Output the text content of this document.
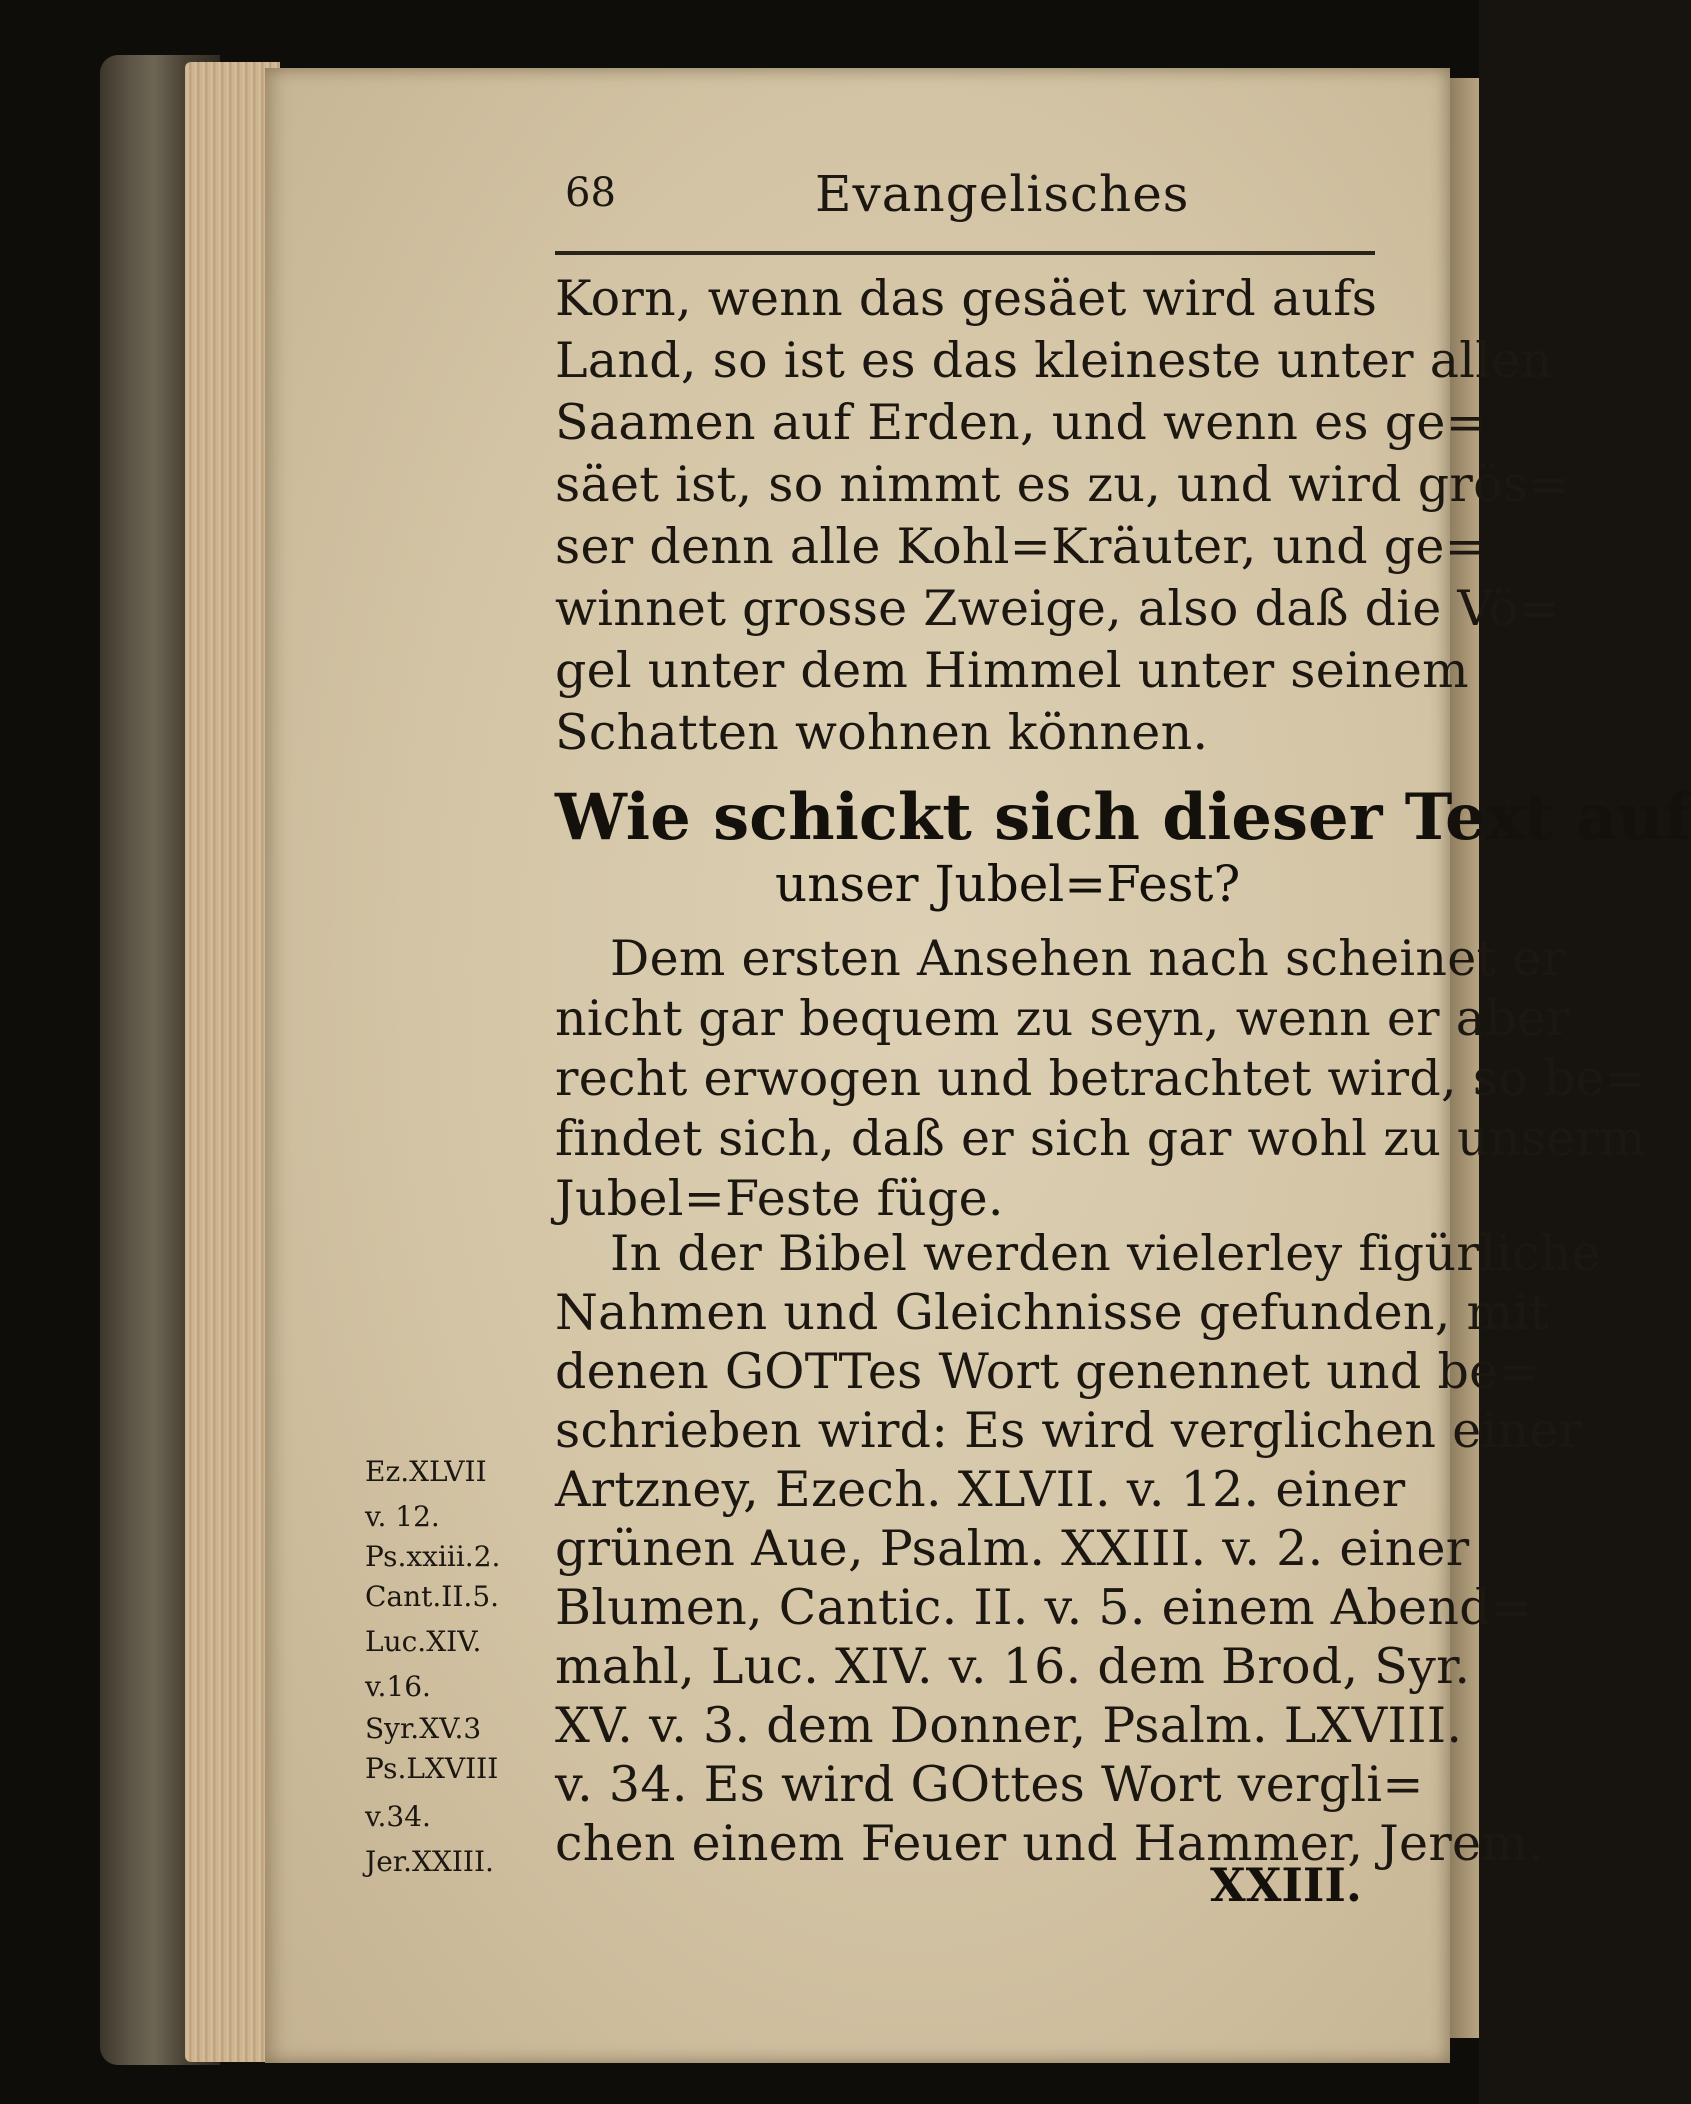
68	Evangelisches
Korn, wenn das gesäet wird aufs
Land, so ist es das kleineste unter allen
Saamen auf Erden, und wenn es ge=
säet ist, so nimmt es zu, und wird grös=
ser denn alle Kohl=Kräuter, und ge=
winnet grosse Zweige, also daß die Vö=
gel unter dem Himmel unter seinem
Schatten wohnen können.
Wie schickt sich dieser Text auf
unser Jubel=Fest?
Dem ersten Ansehen nach scheinet er
nicht gar bequem zu seyn, wenn er aber
recht erwogen und betrachtet wird, so be=
findet sich, daß er sich gar wohl zu unserm
Jubel=Feste füge.
In der Bibel werden vielerley figürliche
Nahmen und Gleichnisse gefunden, mit
denen GOTTes Wort genennet und be=
schrieben wird: Es wird verglichen einer
Artzney, Ezech. XLVII. v. 12. einer
grünen Aue, Psalm. XXIII. v. 2. einer
Blumen, Cantic. II. v. 5. einem Abend=
mahl, Luc. XIV. v. 16. dem Brod, Syr.
XV. v. 3. dem Donner, Psalm. LXVIII.
v. 34. Es wird GOttes Wort vergli=
chen einem Feuer und Hammer, Jerem.
XXIII.
Ez.XLVII
v. 12.
Ps.xxiii.2.
Cant.II.5.
Luc.XIV.
v.16.
Syr.XV.3
Ps.LXVIII
v.34.
Jer.XXIII.
